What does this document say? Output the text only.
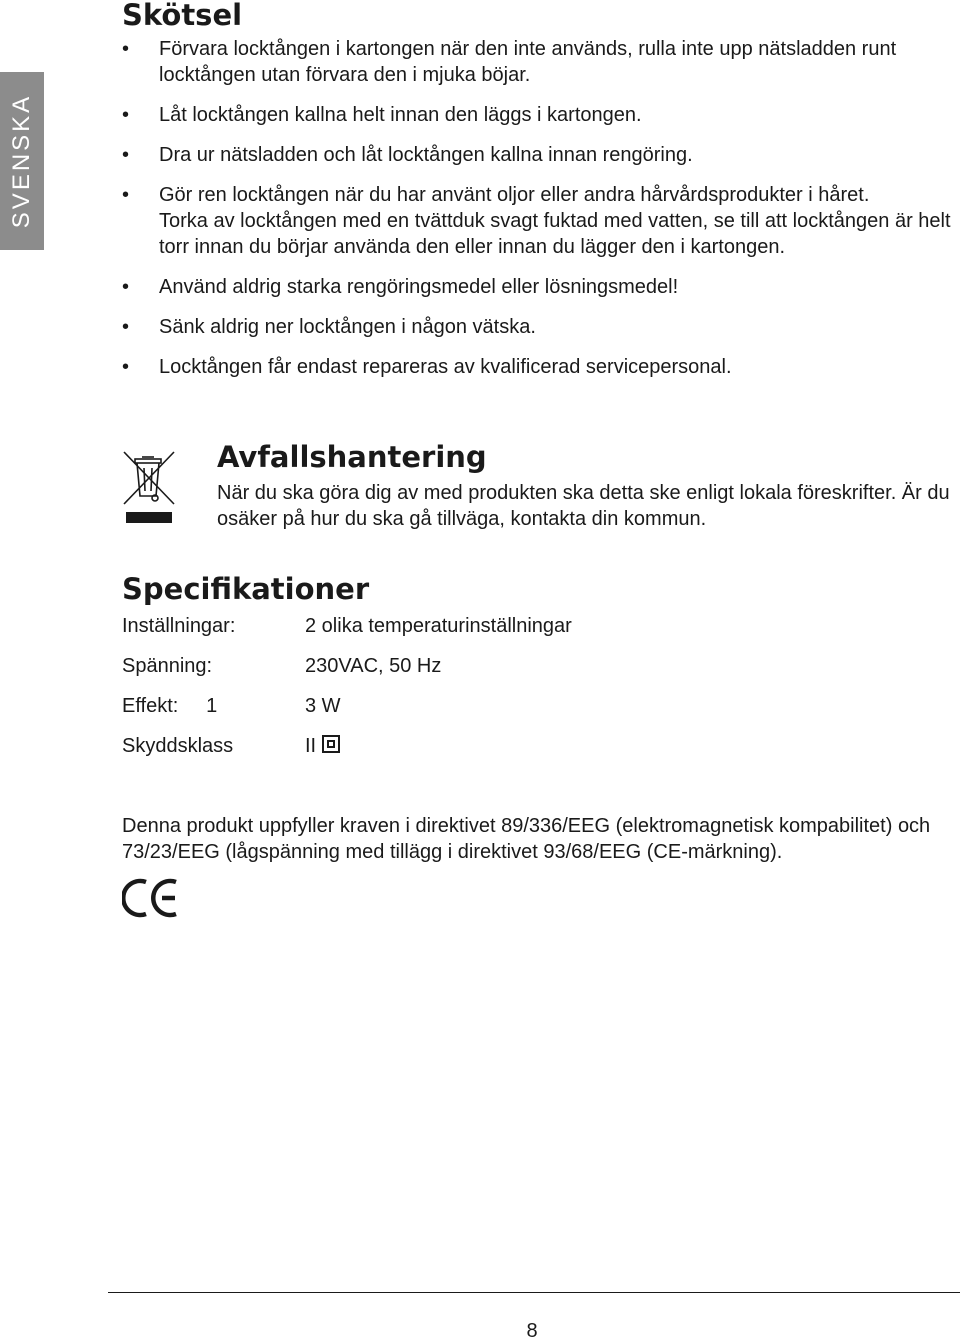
SVENSKA
Skötsel
• Förvara locktången i kartongen när den inte används, rulla inte upp nätsladden runt locktången utan förvara den i mjuka böjar.
• Låt locktången kallna helt innan den läggs i kartongen.
• Dra ur nätsladden och låt locktången kallna innan rengöring.
• Gör ren locktången när du har använt oljor eller andra hårvårdsprodukter i håret.
Torka av locktången med en tvättduk svagt fuktad med vatten, se till att locktången är helt torr innan du börjar använda den eller innan du lägger den i kartongen.
• Använd aldrig starka rengöringsmedel eller lösningsmedel!
• Sänk aldrig ner locktången i någon vätska.
• Locktången får endast repareras av kvalificerad servicepersonal.
Avfallshantering
När du ska göra dig av med produkten ska detta ske enligt lokala föreskrifter. Är du osäker på hur du ska gå tillväga, kontakta din kommun.
Specifikationer
Inställningar:	2 olika temperaturinställningar
Spänning:	230VAC, 50 Hz
Effekt:     1	3 W
Skyddsklass	II
Denna produkt uppfyller kraven i direktivet 89/336/EEG (elektromagnetisk kompabilitet) och 73/23/EEG (lågspänning med tillägg i direktivet 93/68/EEG (CE-märkning).
8
